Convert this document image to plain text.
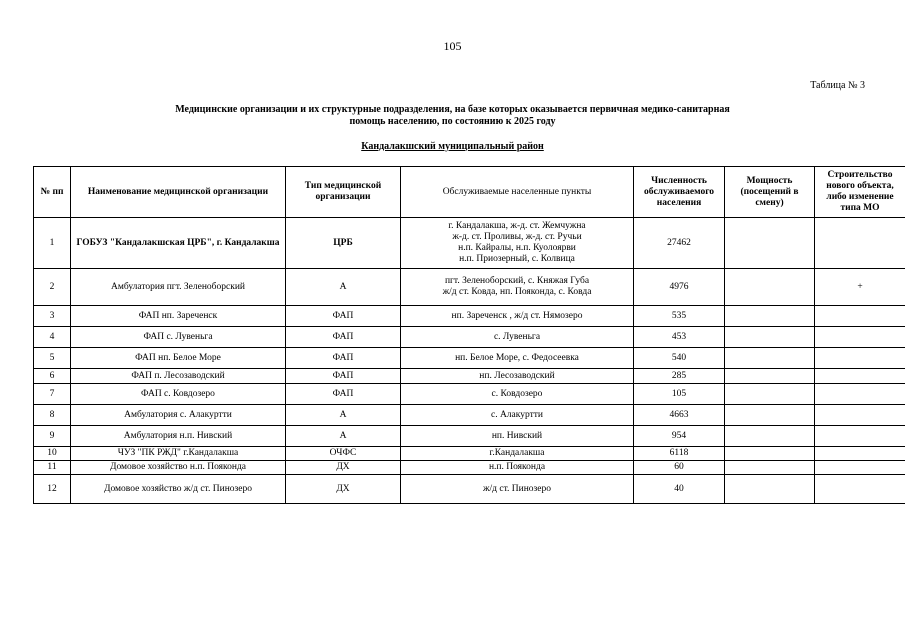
105
Таблица № 3
Медицинские организации и их структурные подразделения, на базе которых оказывается первичная медико-санитарная помощь населению, по состоянию к 2025 году
Кандалакшский муниципальный район
№ пп	Наименование медицинской организации	Тип медицинской организации	Обслуживаемые населенные пункты	Численность обслуживаемого населения	Мощность (посещений в смену)	Строительство нового объекта, либо изменение типа МО
1	ГОБУЗ "Кандалакшская ЦРБ", г. Кандалакша	ЦРБ	г. Кандалакша, ж-д. ст. Жемчужна
ж-д. ст. Проливы, ж-д. ст. Ручьи
н.п. Кайралы, н.п. Куолоярви
н.п. Приозерный, с. Колвица	27462		
2	Амбулатория пгт. Зеленоборский	А	пгт. Зеленоборский, с. Княжая Губа
ж/д ст. Ковда, нп. Пояконда, с. Ковда	4976		+
3	ФАП нп. Зареченск	ФАП	нп. Зареченск , ж/д ст. Нямозеро	535		
4	ФАП с. Лувеньга	ФАП	с. Лувеньга	453		
5	ФАП нп. Белое Море	ФАП	нп. Белое Море, с. Федосеевка	540		
6	ФАП п. Лесозаводский	ФАП	нп. Лесозаводский	285		
7	ФАП с. Ковдозеро	ФАП	с. Ковдозеро	105		
8	Амбулатория с. Алакуртти	А	с. Алакуртти	4663		
9	Амбулатория н.п. Нивский	А	нп. Нивский	954		
10	ЧУЗ "ПК РЖД" г.Кандалакша	ОЧФС	г.Кандалакша	6118		
11	Домовое хозяйство н.п. Пояконда	ДХ	н.п. Пояконда	60		
12	Домовое хозяйство ж/д ст. Пинозеро	ДХ	ж/д ст. Пинозеро	40		
